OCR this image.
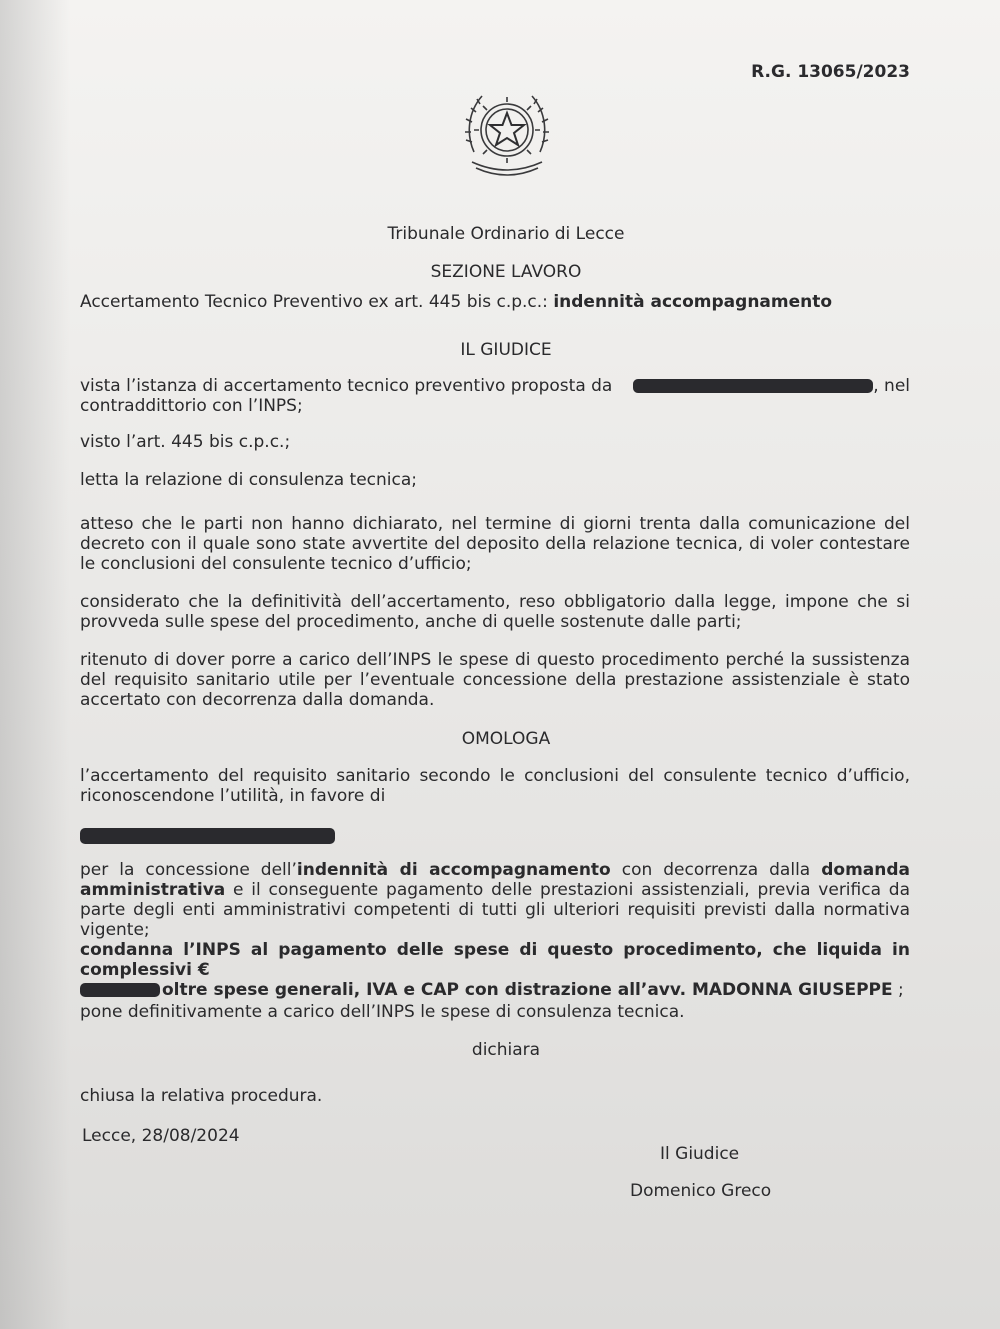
R.G. 13065/2023
Tribunale Ordinario di Lecce
SEZIONE LAVORO
Accertamento Tecnico Preventivo ex art. 445 bis c.p.c.: indennità accompagnamento
IL GIUDICE
vista l’istanza di accertamento tecnico preventivo proposta da	, nel
contraddittorio con l’INPS;
visto l’art. 445 bis c.p.c.;
letta la relazione di consulenza tecnica;
atteso che le parti non hanno dichiarato, nel termine di giorni trenta dalla comunicazione del decreto con il quale sono state avvertite del deposito della relazione tecnica, di voler contestare le conclusioni del consulente tecnico d’ufficio;
considerato che la definitività dell’accertamento, reso obbligatorio dalla legge, impone che si provveda sulle spese del procedimento, anche di quelle sostenute dalle parti;
ritenuto di dover porre a carico dell’INPS le spese di questo procedimento perché la sussistenza del requisito sanitario utile per l’eventuale concessione della prestazione assistenziale è stato accertato con decorrenza dalla domanda.
OMOLOGA
l’accertamento del requisito sanitario secondo le conclusioni del consulente tecnico d’ufficio, riconoscendone l’utilità, in favore di
per la concessione dell’indennità di accompagnamento con decorrenza dalla domanda amministrativa e il conseguente pagamento delle prestazioni assistenziali, previa verifica da parte degli enti amministrativi competenti di tutti gli ulteriori requisiti previsti dalla normativa vigente;
condanna l’INPS al pagamento delle spese di questo procedimento, che liquida in complessivi €
oltre spese generali, IVA e CAP con distrazione all’avv. MADONNA GIUSEPPE ;
pone definitivamente a carico dell’INPS le spese di consulenza tecnica.
dichiara
chiusa la relativa procedura.
Lecce, 28/08/2024
Il Giudice
Domenico Greco
